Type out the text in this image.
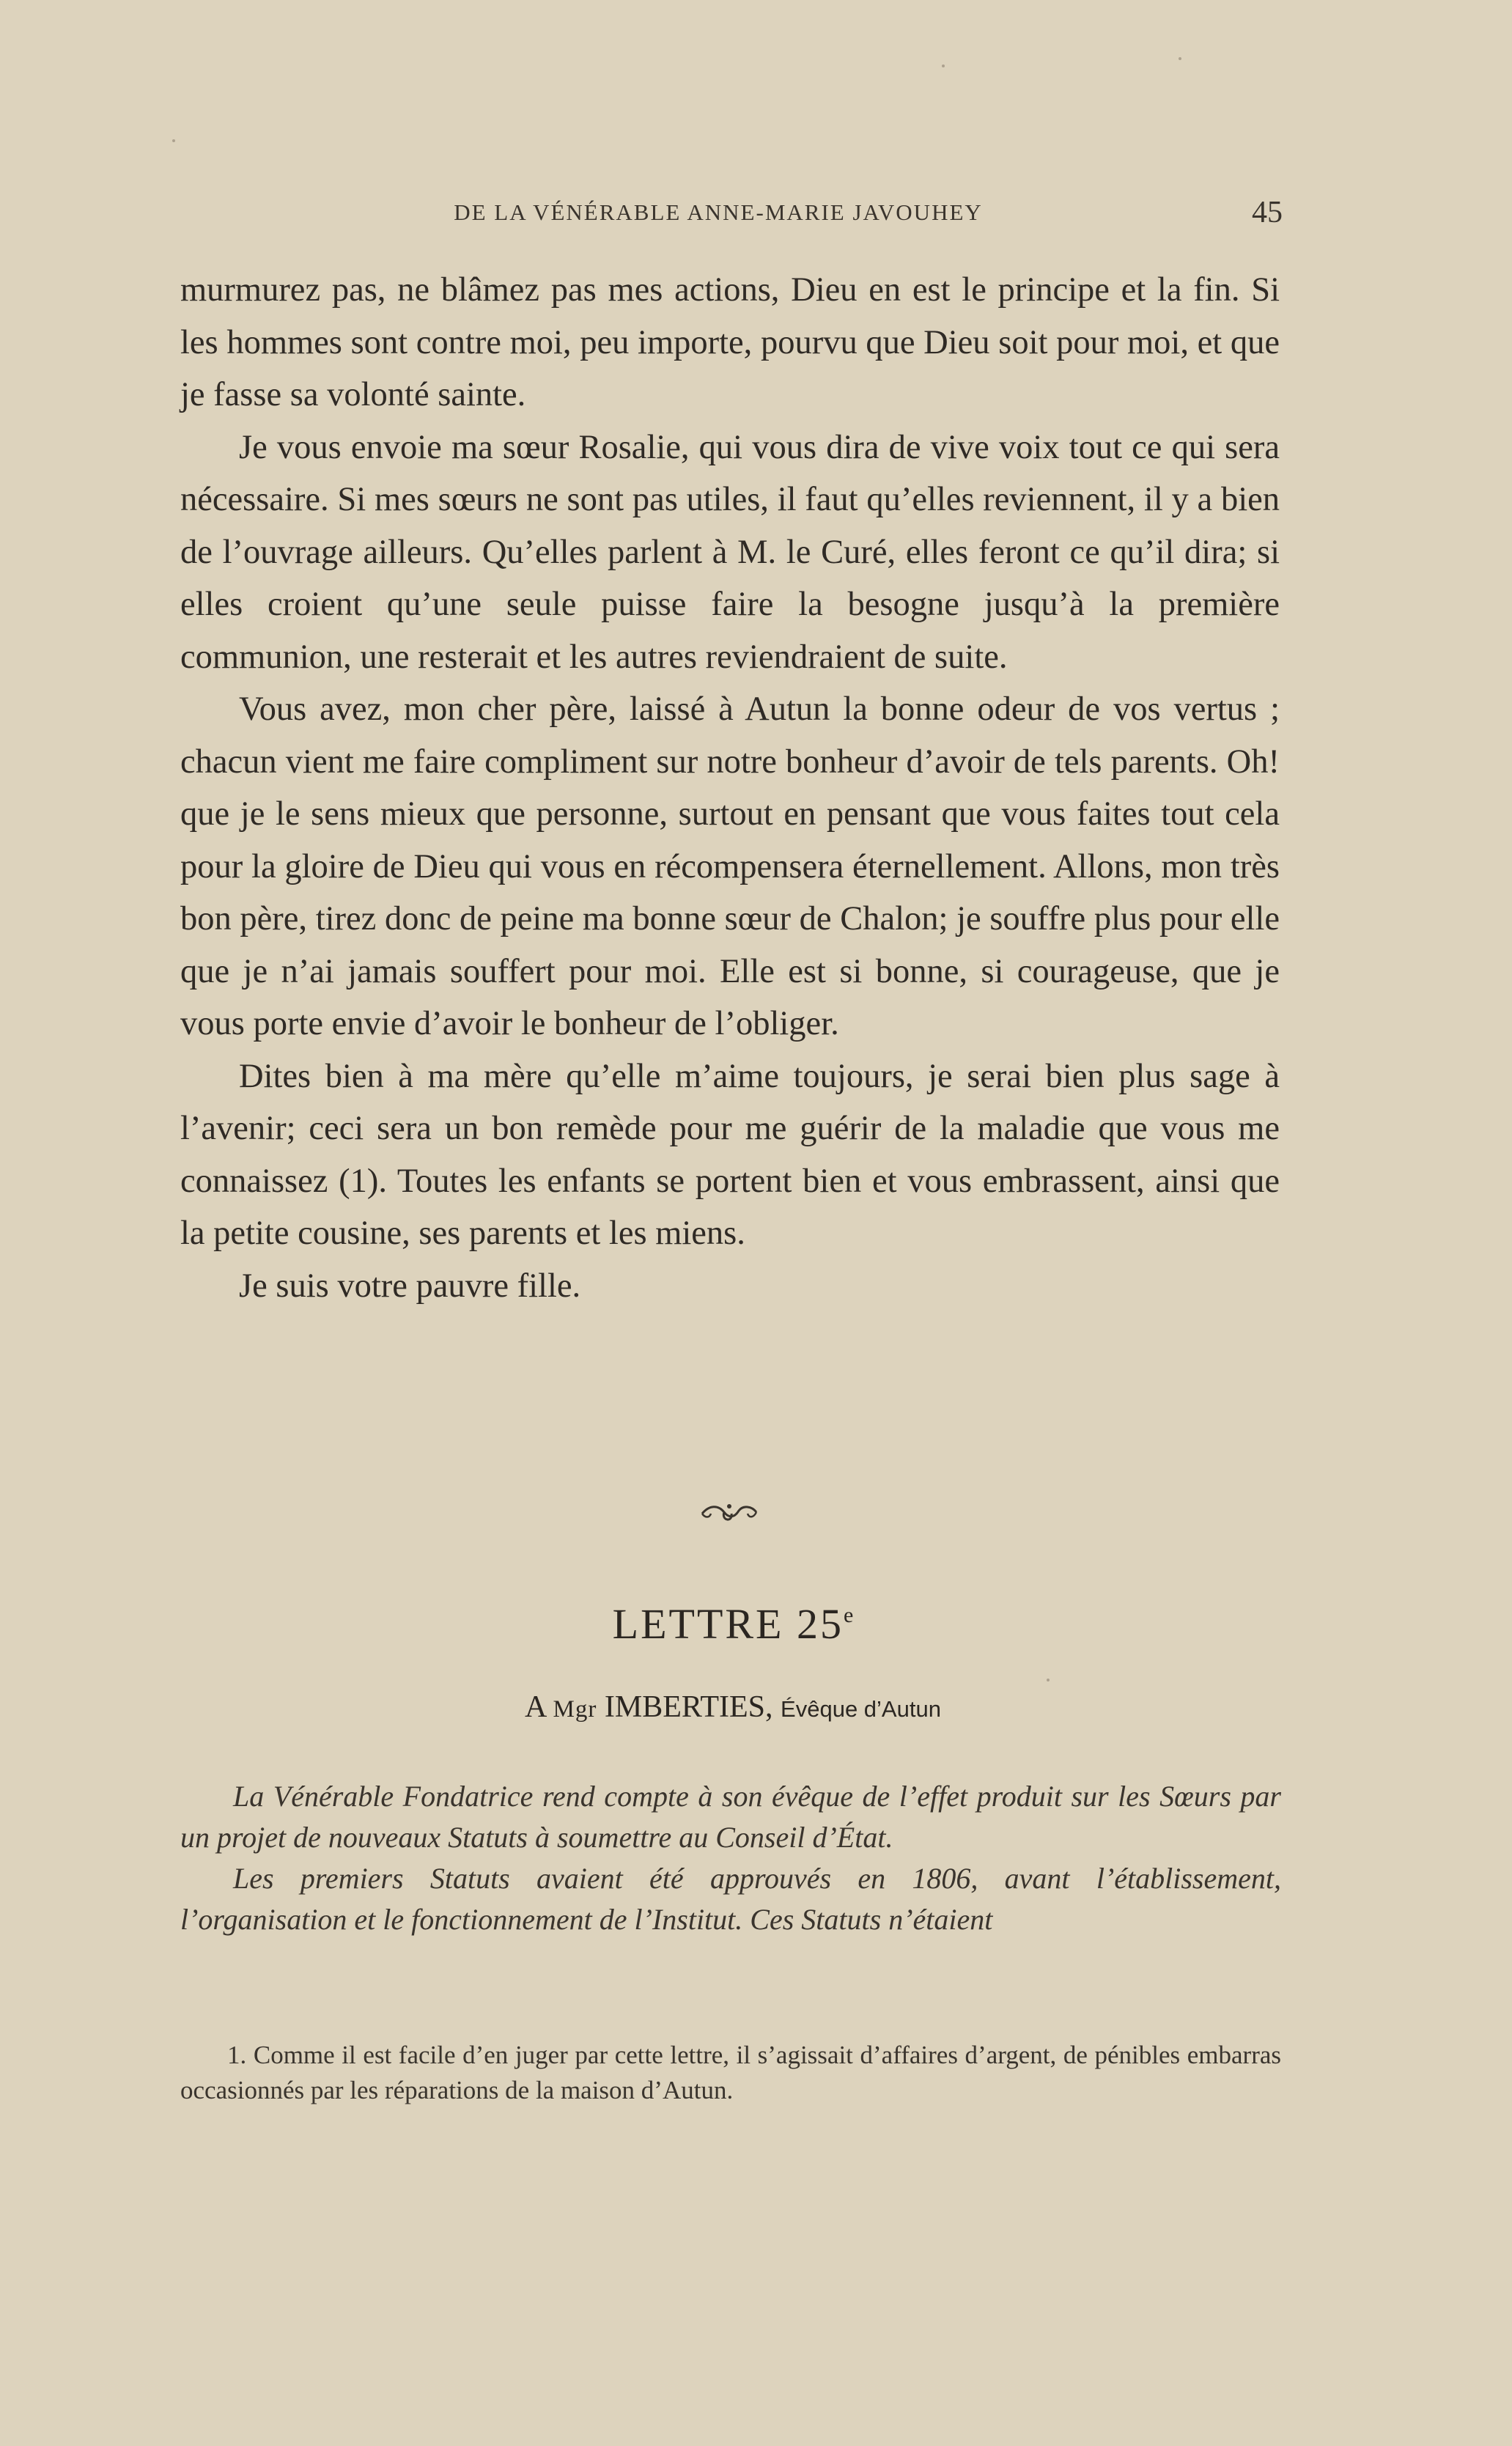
DE LA VÉNÉRABLE ANNE-MARIE JAVOUHEY	45

murmurez pas, ne blâmez pas mes actions, Dieu en est le principe et la fin. Si les hommes sont contre moi, peu importe, pourvu que Dieu soit pour moi, et que je fasse sa volonté sainte.

Je vous envoie ma sœur Rosalie, qui vous dira de vive voix tout ce qui sera nécessaire. Si mes sœurs ne sont pas utiles, il faut qu’elles reviennent, il y a bien de l’ouvrage ailleurs. Qu’elles parlent à M. le Curé, elles feront ce qu’il dira; si elles croient qu’une seule puisse faire la besogne jusqu’à la première communion, une resterait et les autres reviendraient de suite.

Vous avez, mon cher père, laissé à Autun la bonne odeur de vos vertus ; chacun vient me faire compliment sur notre bonheur d’avoir de tels parents. Oh! que je le sens mieux que personne, surtout en pensant que vous faites tout cela pour la gloire de Dieu qui vous en récompensera éternellement. Allons, mon très bon père, tirez donc de peine ma bonne sœur de Chalon; je souffre plus pour elle que je n’ai jamais souffert pour moi. Elle est si bonne, si courageuse, que je vous porte envie d’avoir le bonheur de l’obliger.

Dites bien à ma mère qu’elle m’aime toujours, je serai bien plus sage à l’avenir; ceci sera un bon remède pour me guérir de la maladie que vous me connaissez (1). Toutes les enfants se portent bien et vous embrassent, ainsi que la petite cousine, ses parents et les miens.

Je suis votre pauvre fille.

LETTRE 25e
A Mgr IMBERTIES, Évêque d’Autun

La Vénérable Fondatrice rend compte à son évêque de l’effet produit sur les Sœurs par un projet de nouveaux Statuts à soumettre au Conseil d’État.

Les premiers Statuts avaient été approuvés en 1806, avant l’établissement, l’organisation et le fonctionnement de l’Institut. Ces Statuts n’étaient

1. Comme il est facile d’en juger par cette lettre, il s’agissait d’affaires d’argent, de pénibles embarras occasionnés par les réparations de la maison d’Autun.
